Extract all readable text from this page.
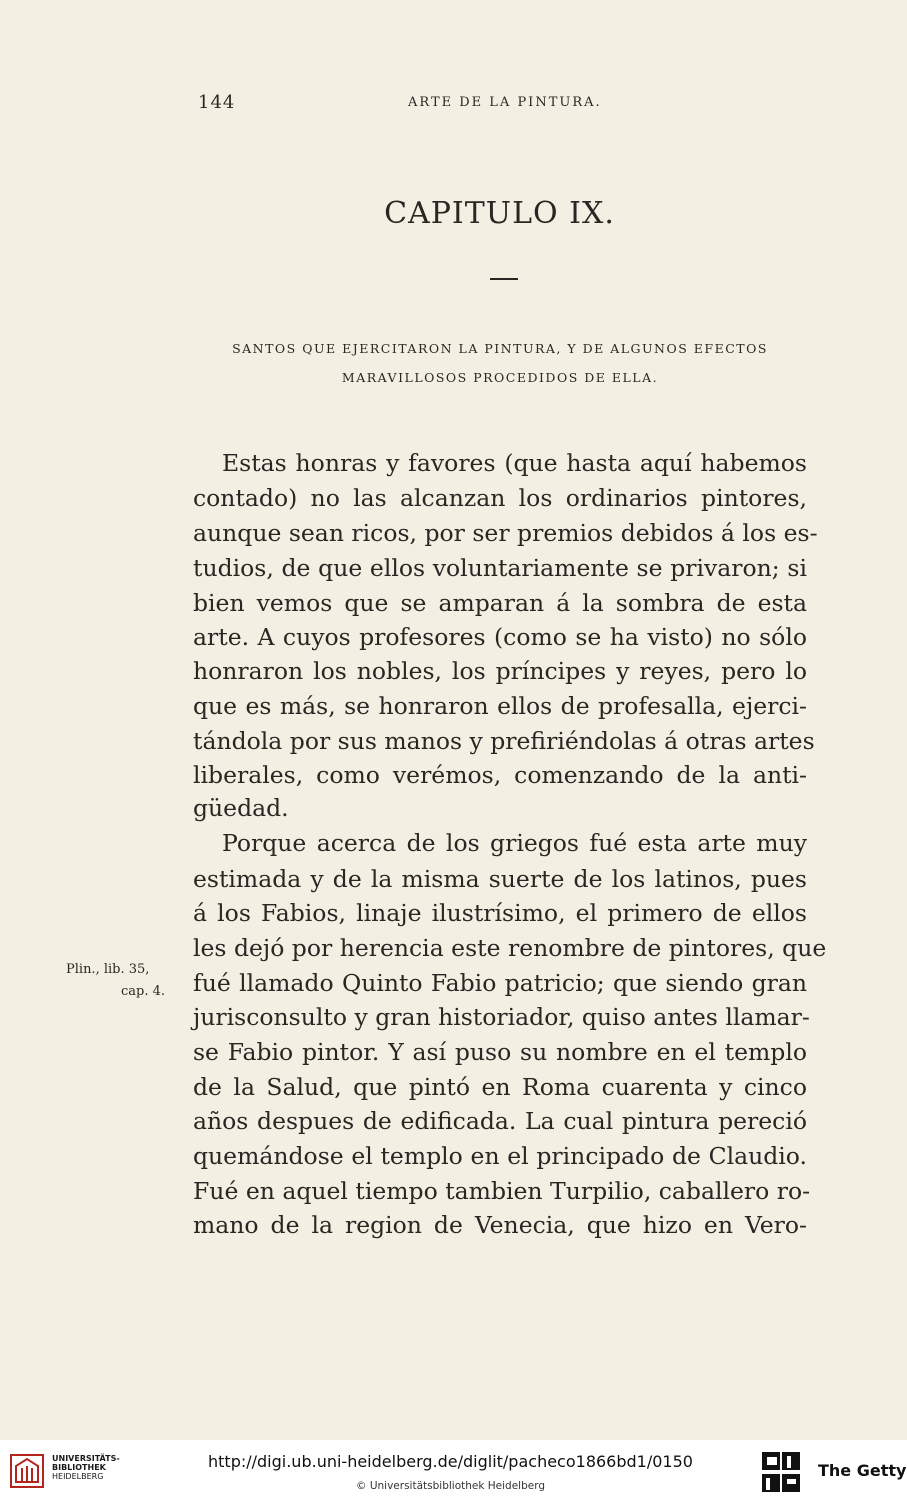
144	ARTE DE LA PINTURA.
CAPITULO IX.
SANTOS QUE EJERCITARON LA PINTURA, Y DE ALGUNOS EFECTOS
MARAVILLOSOS PROCEDIDOS DE ELLA.
Estas honras y favores (que hasta aquí habemos
contado) no las alcanzan los ordinarios pintores,
aunque sean ricos, por ser premios debidos á los es-
tudios, de que ellos voluntariamente se privaron; si
bien vemos que se amparan á la sombra de esta
arte. A cuyos profesores (como se ha visto) no sólo
honraron los nobles, los príncipes y reyes, pero lo
que es más, se honraron ellos de profesalla, ejerci-
tándola por sus manos y prefiriéndolas á otras artes
liberales, como verémos, comenzando de la anti-
güedad.
Porque acerca de los griegos fué esta arte muy
estimada y de la misma suerte de los latinos, pues
á los Fabios, linaje ilustrísimo, el primero de ellos
les dejó por herencia este renombre de pintores, que
fué llamado Quinto Fabio patricio; que siendo gran
jurisconsulto y gran historiador, quiso antes llamar-
se Fabio pintor. Y así puso su nombre en el templo
de la Salud, que pintó en Roma cuarenta y cinco
años despues de edificada. La cual pintura pereció
quemándose el templo en el principado de Claudio.
Fué en aquel tiempo tambien Turpilio, caballero ro-
mano de la region de Venecia, que hizo en Vero-
Plin., lib. 35,
cap. 4.
UNIVERSITÄTS-
BIBLIOTHEK
HEIDELBERG
http://digi.ub.uni-heidelberg.de/diglit/pacheco1866bd1/0150
© Universitätsbibliothek Heidelberg
The Getty
